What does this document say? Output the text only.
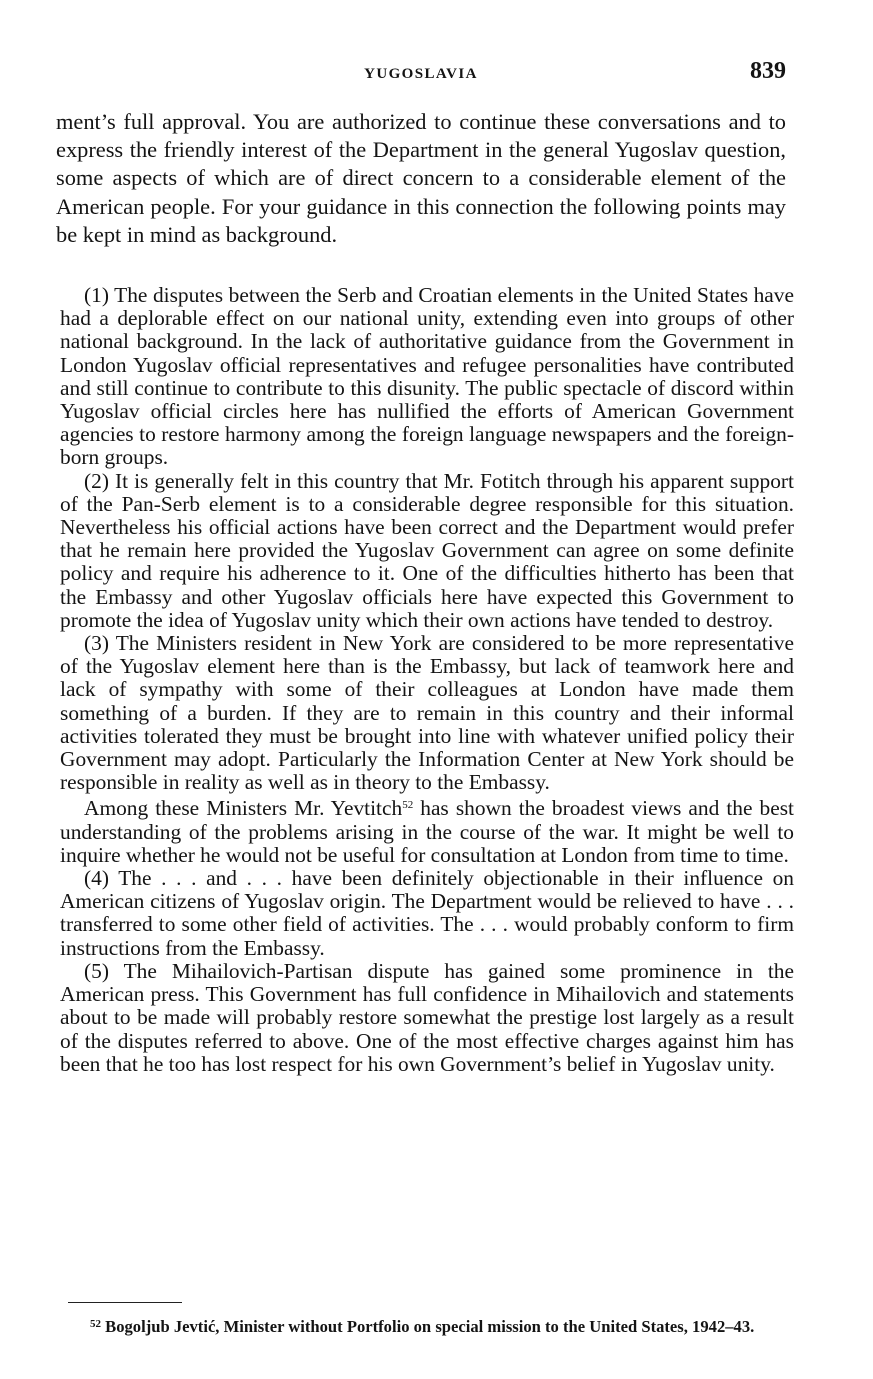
YUGOSLAVIA	839
ment’s full approval. You are authorized to continue these conversations and to express the friendly interest of the Department in the general Yugoslav question, some aspects of which are of direct concern to a considerable element of the American people. For your guidance in this connection the following points may be kept in mind as background.

(1) The disputes between the Serb and Croatian elements in the United States have had a deplorable effect on our national unity, extending even into groups of other national background. In the lack of authoritative guidance from the Government in London Yugoslav official representatives and refugee personalities have contributed and still continue to contribute to this disunity. The public spectacle of discord within Yugoslav official circles here has nullified the efforts of American Government agencies to restore harmony among the foreign language newspapers and the foreign-born groups.

(2) It is generally felt in this country that Mr. Fotitch through his apparent support of the Pan-Serb element is to a considerable degree responsible for this situation. Nevertheless his official actions have been correct and the Department would prefer that he remain here provided the Yugoslav Government can agree on some definite policy and require his adherence to it. One of the difficulties hitherto has been that the Embassy and other Yugoslav officials here have expected this Government to promote the idea of Yugoslav unity which their own actions have tended to destroy.

(3) The Ministers resident in New York are considered to be more representative of the Yugoslav element here than is the Embassy, but lack of teamwork here and lack of sympathy with some of their colleagues at London have made them something of a burden. If they are to remain in this country and their informal activities tolerated they must be brought into line with whatever unified policy their Government may adopt. Particularly the Information Center at New York should be responsible in reality as well as in theory to the Embassy.

Among these Ministers Mr. Yevtitch$^{52}$ has shown the broadest views and the best understanding of the problems arising in the course of the war. It might be well to inquire whether he would not be useful for consultation at London from time to time.

(4) The . . . and . . . have been definitely objectionable in their influence on American citizens of Yugoslav origin. The Department would be relieved to have . . . transferred to some other field of activities. The . . . would probably conform to firm instructions from the Embassy.

(5) The Mihailovich-Partisan dispute has gained some prominence in the American press. This Government has full confidence in Mihailovich and statements about to be made will probably restore somewhat the prestige lost largely as a result of the disputes referred to above. One of the most effective charges against him has been that he too has lost respect for his own Government’s belief in Yugoslav unity.

$^{52}$ Bogoljub Jevtić, Minister without Portfolio on special mission to the United States, 1942–43.
